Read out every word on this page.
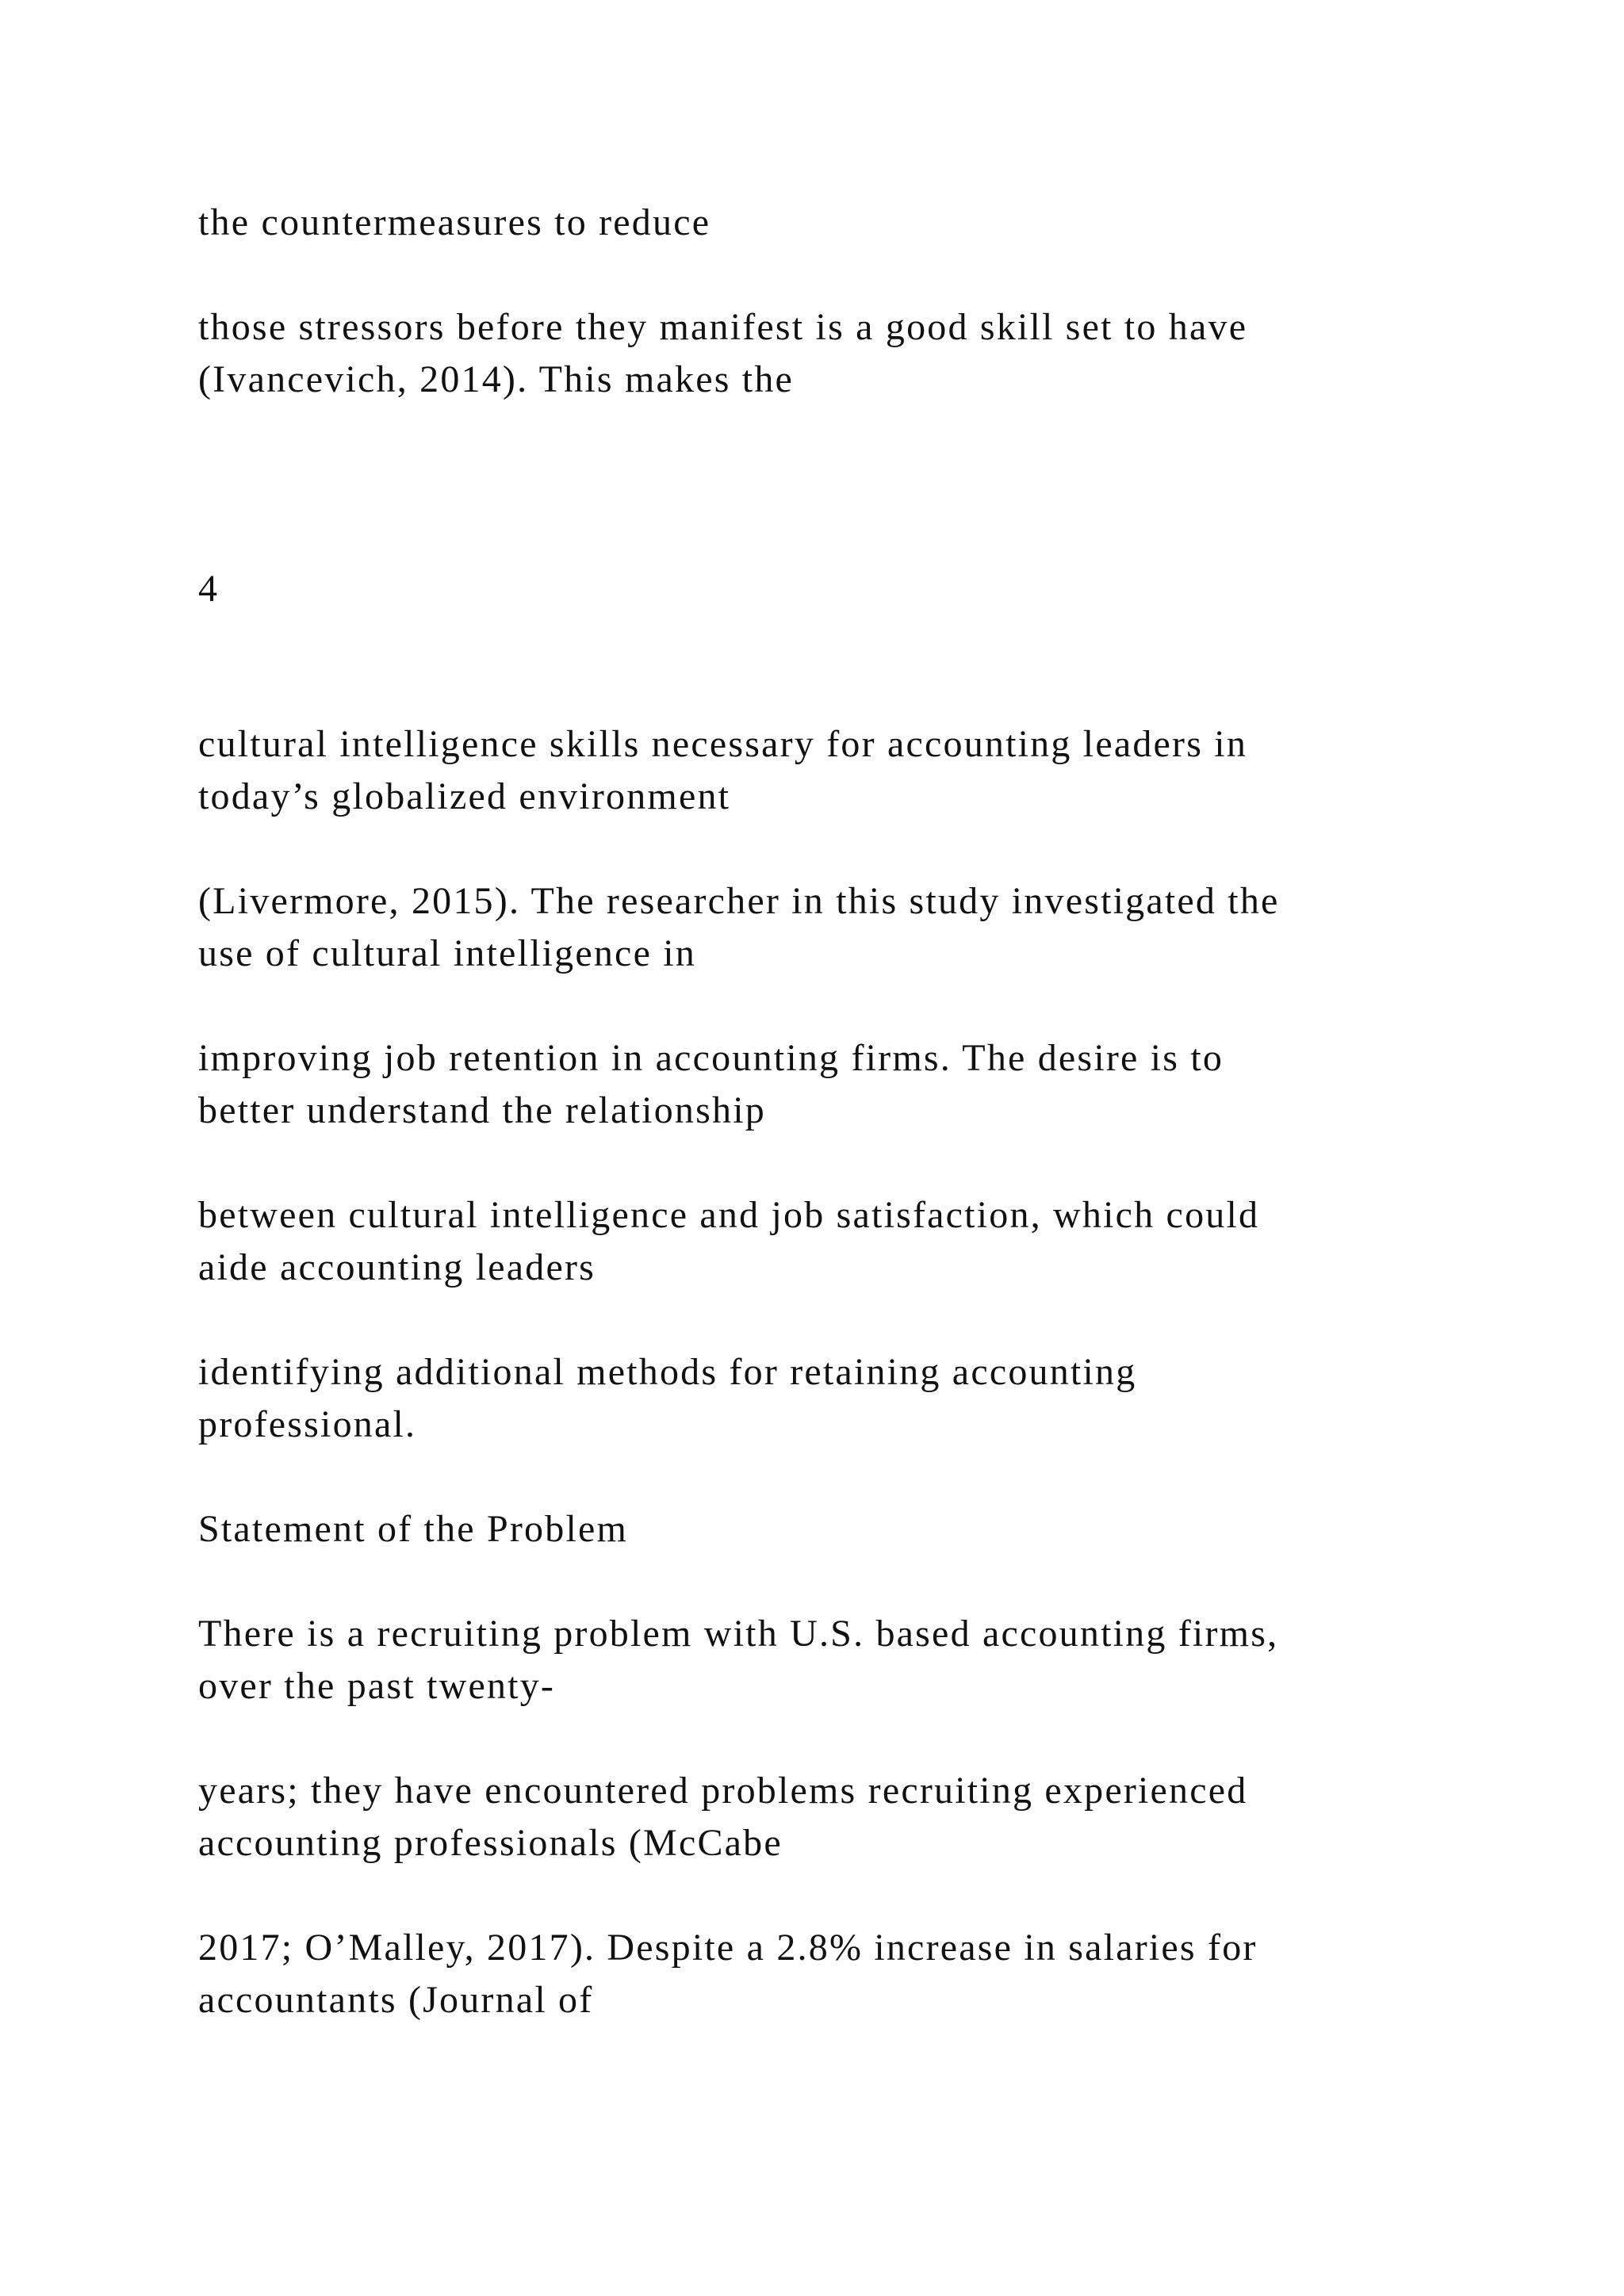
the countermeasures to reduce
those stressors before they manifest is a good skill set to have
(Ivancevich, 2014). This makes the
4
cultural intelligence skills necessary for accounting leaders in
today’s globalized environment
(Livermore, 2015). The researcher in this study investigated the
use of cultural intelligence in
improving job retention in accounting firms. The desire is to
better understand the relationship
between cultural intelligence and job satisfaction, which could
aide accounting leaders
identifying additional methods for retaining accounting
professional.
Statement of the Problem
There is a recruiting problem with U.S. based accounting firms,
over the past twenty-
years; they have encountered problems recruiting experienced
accounting professionals (McCabe
2017; O’Malley, 2017). Despite a 2.8% increase in salaries for
accountants (Journal of
